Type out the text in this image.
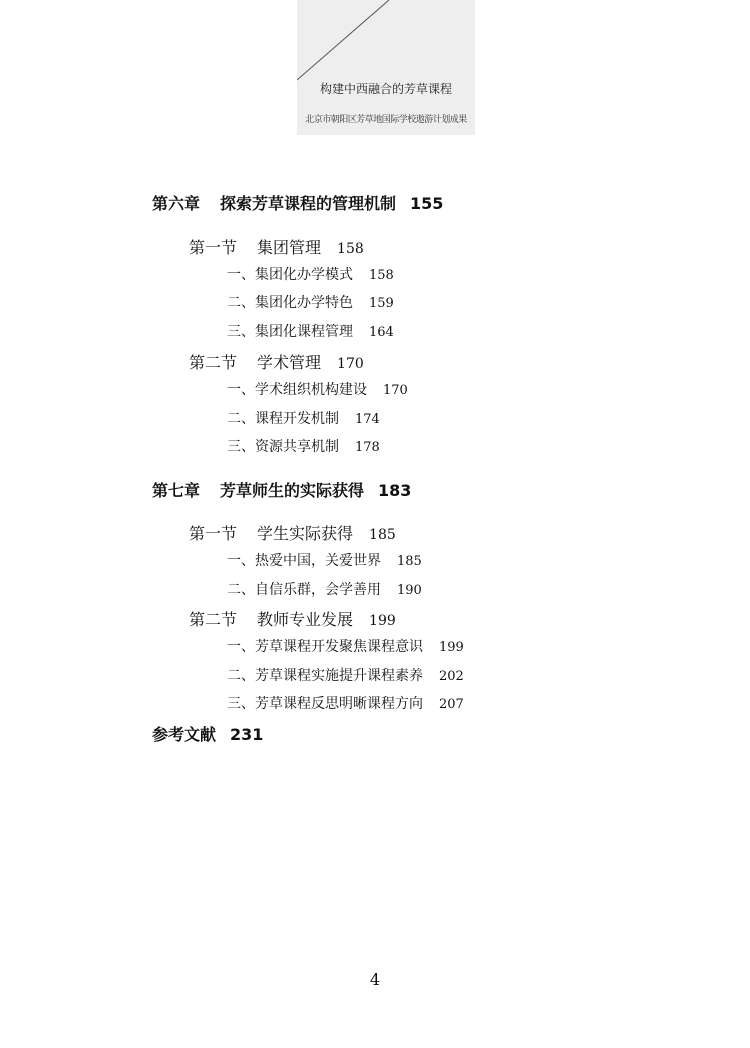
构建中西融合的芳草课程
北京市朝阳区芳草地国际学校遨游计划成果
第六章 探索芳草课程的管理机制 155
第一节 集团管理 158
一、集团化办学模式 158
二、集团化办学特色 159
三、集团化课程管理 164
第二节 学术管理 170
一、学术组织机构建设 170
二、课程开发机制 174
三、资源共享机制 178
第七章 芳草师生的实际获得 183
第一节 学生实际获得 185
一、热爱中国，关爱世界 185
二、自信乐群，会学善用 190
第二节 教师专业发展 199
一、芳草课程开发聚焦课程意识 199
二、芳草课程实施提升课程素养 202
三、芳草课程反思明晰课程方向 207
参考文献 231
4
